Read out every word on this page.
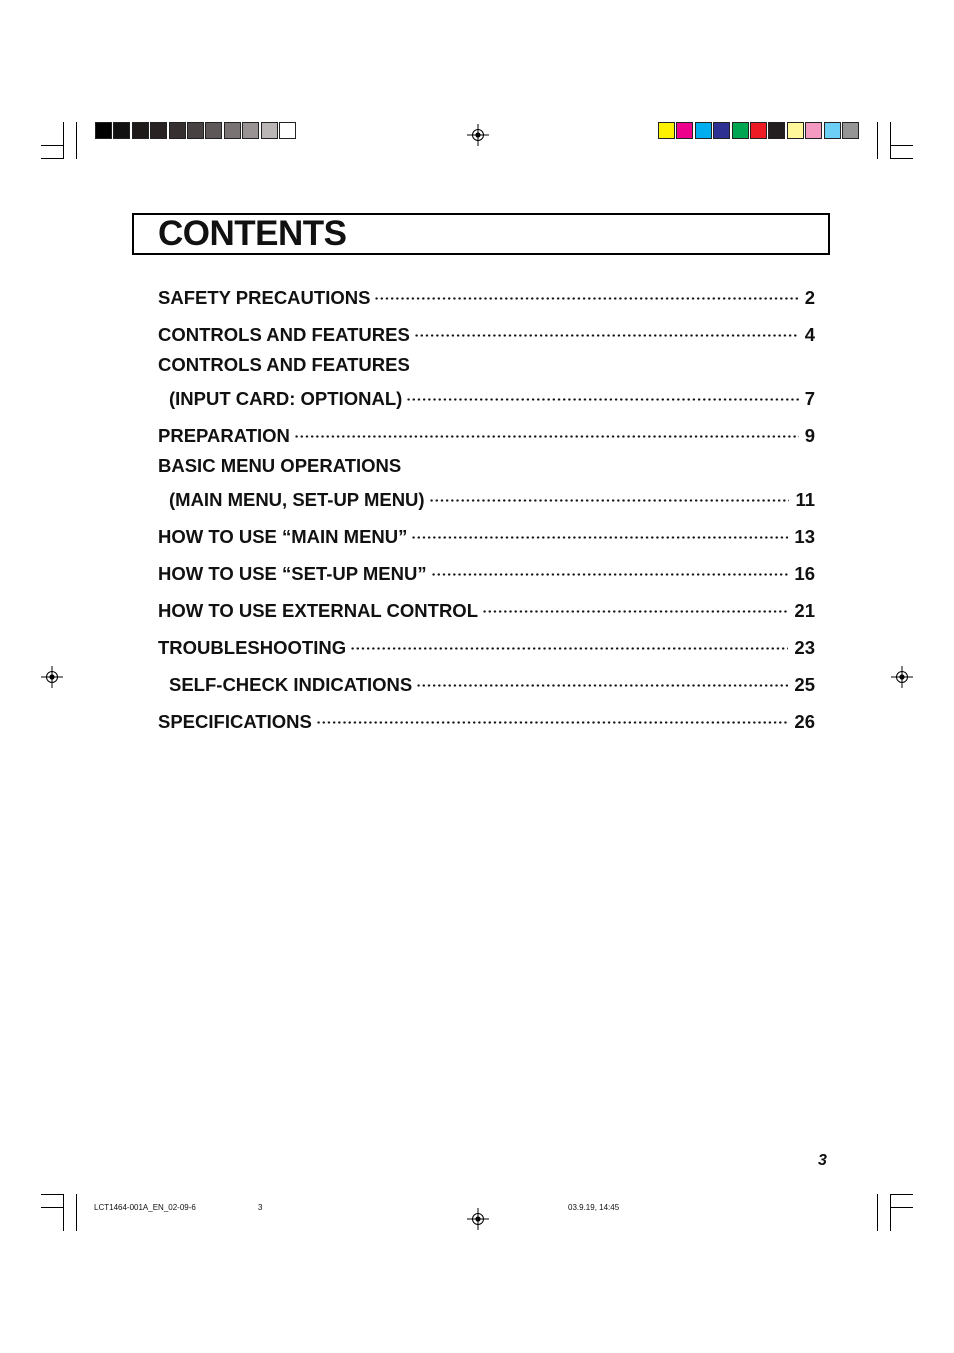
CONTENTS
SAFETY PRECAUTIONS	2
CONTROLS AND FEATURES	4
CONTROLS AND FEATURES
(INPUT CARD: OPTIONAL)	7
PREPARATION	9
BASIC MENU OPERATIONS
(MAIN MENU, SET-UP MENU)	11
HOW TO USE “MAIN MENU”	13
HOW TO USE “SET-UP MENU”	16
HOW TO USE EXTERNAL CONTROL	21
TROUBLESHOOTING	23
SELF-CHECK INDICATIONS	25
SPECIFICATIONS	26
3
LCT1464-001A_EN_02-09-6	3	03.9.19, 14:45
